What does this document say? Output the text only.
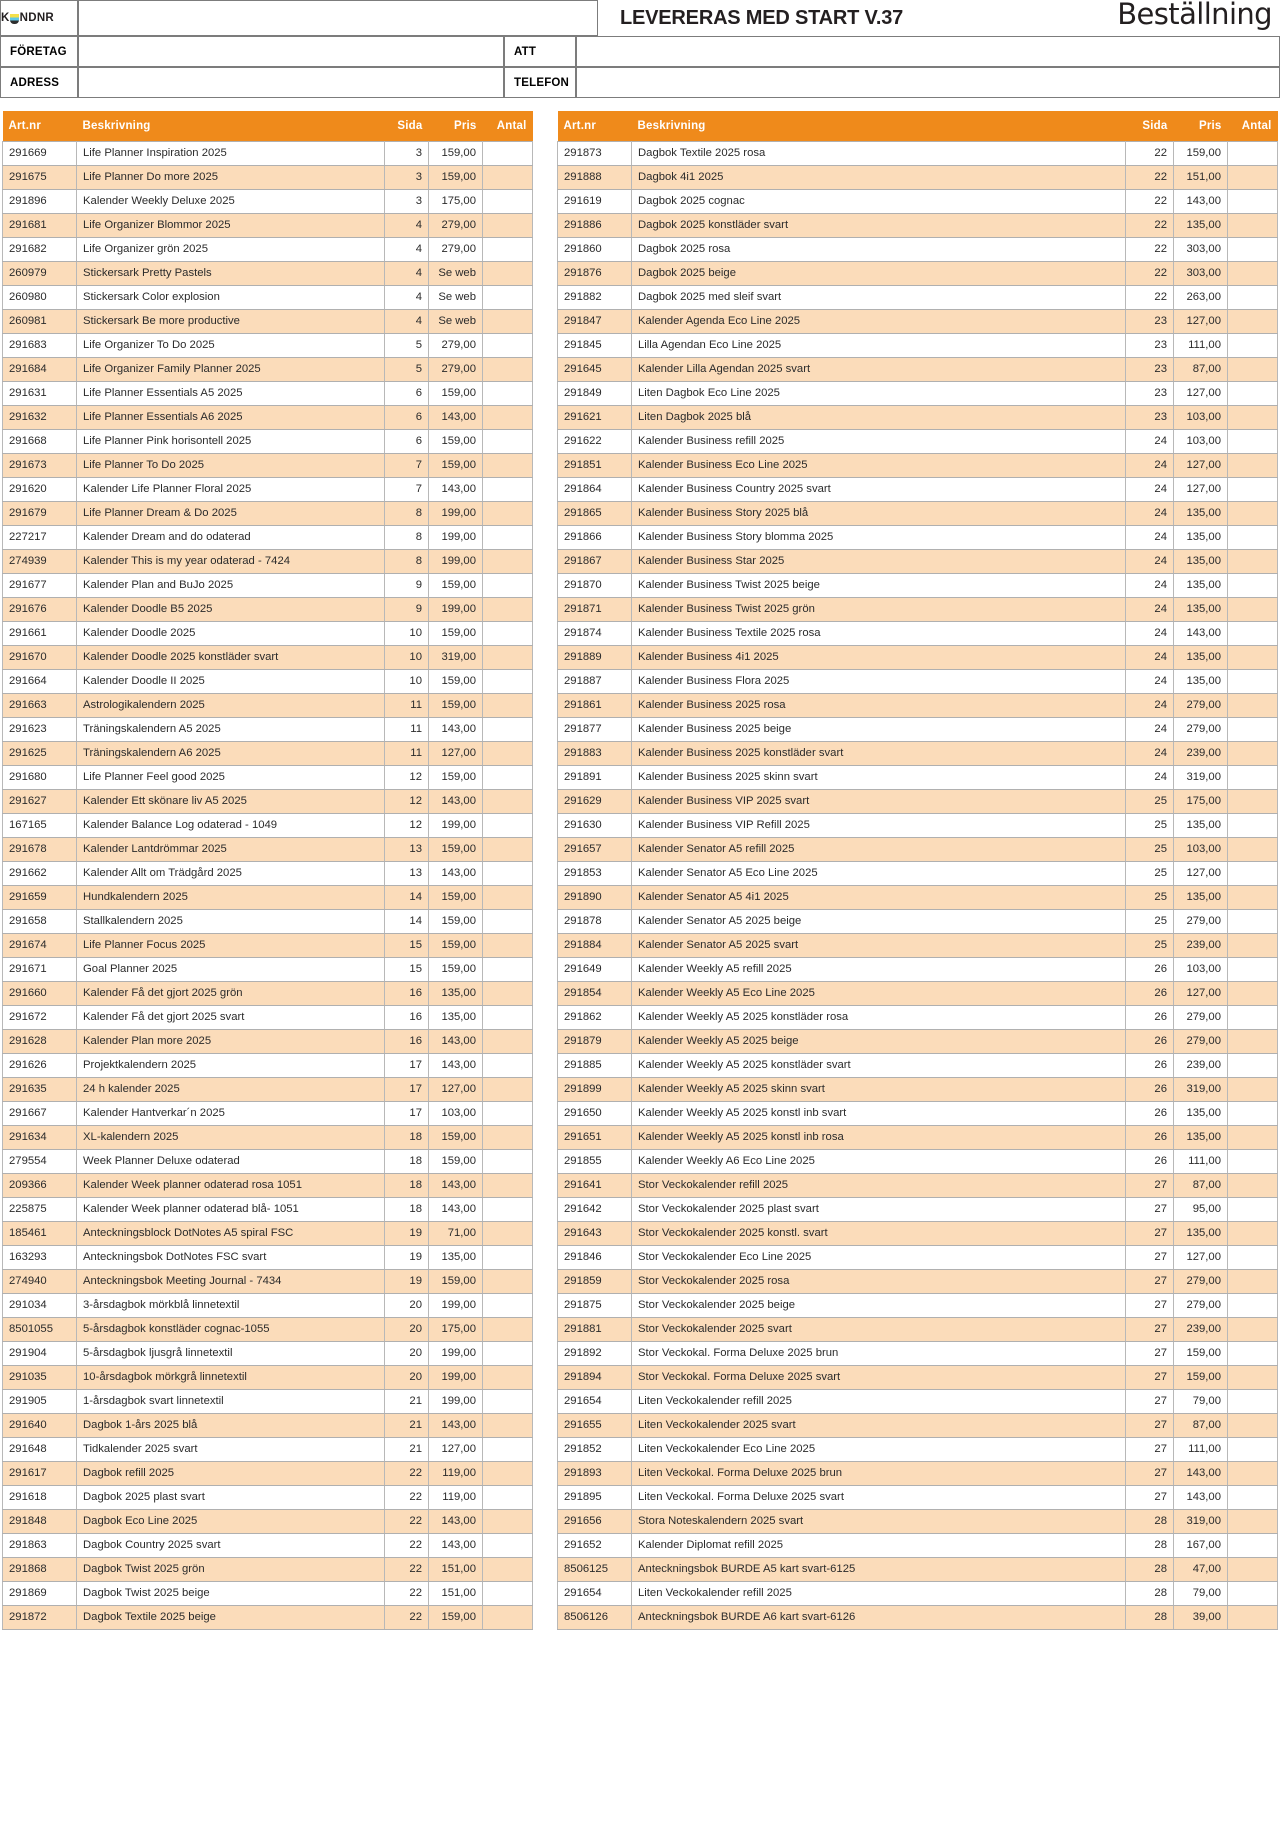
K NDNR	LEVERERAS MED START V.37	Beställning
FÖRETAG	ATT
ADRESS	TELEFON
Art.nr	Beskrivning	Sida	Pris	Antal
291669	Life Planner Inspiration 2025	3	159,00	
291675	Life Planner Do more 2025	3	159,00	
291896	Kalender Weekly Deluxe 2025	3	175,00	
291681	Life Organizer Blommor 2025	4	279,00	
291682	Life Organizer grön 2025	4	279,00	
260979	Stickersark Pretty Pastels	4	Se web	
260980	Stickersark Color explosion	4	Se web	
260981	Stickersark Be more productive	4	Se web	
291683	Life Organizer To Do 2025	5	279,00	
291684	Life Organizer Family Planner 2025	5	279,00	
291631	Life Planner Essentials A5 2025	6	159,00	
291632	Life Planner Essentials A6 2025	6	143,00	
291668	Life Planner Pink horisontell 2025	6	159,00	
291673	Life Planner To Do 2025	7	159,00	
291620	Kalender Life Planner Floral 2025	7	143,00	
291679	Life Planner Dream & Do 2025	8	199,00	
227217	Kalender Dream and do odaterad	8	199,00	
274939	Kalender This is my year odaterad - 7424	8	199,00	
291677	Kalender Plan and BuJo 2025	9	159,00	
291676	Kalender Doodle B5 2025	9	199,00	
291661	Kalender Doodle 2025	10	159,00	
291670	Kalender Doodle 2025 konstläder svart	10	319,00	
291664	Kalender Doodle II 2025	10	159,00	
291663	Astrologikalendern 2025	11	159,00	
291623	Träningskalendern A5 2025	11	143,00	
291625	Träningskalendern A6 2025	11	127,00	
291680	Life Planner Feel good 2025	12	159,00	
291627	Kalender Ett skönare liv A5 2025	12	143,00	
167165	Kalender Balance Log odaterad - 1049	12	199,00	
291678	Kalender Lantdrömmar 2025	13	159,00	
291662	Kalender Allt om Trädgård 2025	13	143,00	
291659	Hundkalendern 2025	14	159,00	
291658	Stallkalendern 2025	14	159,00	
291674	Life Planner Focus 2025	15	159,00	
291671	Goal Planner 2025	15	159,00	
291660	Kalender Få det gjort 2025 grön	16	135,00	
291672	Kalender Få det gjort 2025 svart	16	135,00	
291628	Kalender Plan more 2025	16	143,00	
291626	Projektkalendern 2025	17	143,00	
291635	24 h kalender 2025	17	127,00	
291667	Kalender Hantverkar´n 2025	17	103,00	
291634	XL-kalendern 2025	18	159,00	
279554	Week Planner Deluxe odaterad	18	159,00	
209366	Kalender Week planner odaterad rosa 1051	18	143,00	
225875	Kalender Week planner odaterad blå- 1051	18	143,00	
185461	Anteckningsblock DotNotes A5 spiral FSC	19	71,00	
163293	Anteckningsbok DotNotes FSC svart	19	135,00	
274940	Anteckningsbok Meeting Journal - 7434	19	159,00	
291034	3-årsdagbok mörkblå linnetextil	20	199,00	
8501055	5-årsdagbok konstläder cognac-1055	20	175,00	
291904	5-årsdagbok ljusgrå linnetextil	20	199,00	
291035	10-årsdagbok mörkgrå linnetextil	20	199,00	
291905	1-årsdagbok svart linnetextil	21	199,00	
291640	Dagbok 1-års 2025 blå	21	143,00	
291648	Tidkalender 2025 svart	21	127,00	
291617	Dagbok refill 2025	22	119,00	
291618	Dagbok 2025 plast svart	22	119,00	
291848	Dagbok Eco Line 2025	22	143,00	
291863	Dagbok Country 2025 svart	22	143,00	
291868	Dagbok Twist 2025 grön	22	151,00	
291869	Dagbok Twist 2025 beige	22	151,00	
291872	Dagbok Textile 2025 beige	22	159,00	
Art.nr	Beskrivning	Sida	Pris	Antal
291873	Dagbok Textile 2025 rosa	22	159,00	
291888	Dagbok 4i1 2025	22	151,00	
291619	Dagbok 2025 cognac	22	143,00	
291886	Dagbok 2025 konstläder svart	22	135,00	
291860	Dagbok 2025 rosa	22	303,00	
291876	Dagbok 2025 beige	22	303,00	
291882	Dagbok 2025 med sleif svart	22	263,00	
291847	Kalender Agenda Eco Line 2025	23	127,00	
291845	Lilla Agendan Eco Line 2025	23	111,00	
291645	Kalender Lilla Agendan 2025 svart	23	87,00	
291849	Liten Dagbok Eco Line 2025	23	127,00	
291621	Liten Dagbok 2025 blå	23	103,00	
291622	Kalender Business refill 2025	24	103,00	
291851	Kalender Business Eco Line 2025	24	127,00	
291864	Kalender Business Country 2025 svart	24	127,00	
291865	Kalender Business Story 2025 blå	24	135,00	
291866	Kalender Business Story blomma 2025	24	135,00	
291867	Kalender Business Star 2025	24	135,00	
291870	Kalender Business Twist 2025 beige	24	135,00	
291871	Kalender Business Twist 2025 grön	24	135,00	
291874	Kalender Business Textile 2025 rosa	24	143,00	
291889	Kalender Business 4i1 2025	24	135,00	
291887	Kalender Business Flora 2025	24	135,00	
291861	Kalender Business 2025 rosa	24	279,00	
291877	Kalender Business 2025 beige	24	279,00	
291883	Kalender Business 2025 konstläder svart	24	239,00	
291891	Kalender Business 2025 skinn svart	24	319,00	
291629	Kalender Business VIP 2025 svart	25	175,00	
291630	Kalender Business VIP Refill 2025	25	135,00	
291657	Kalender Senator A5 refill 2025	25	103,00	
291853	Kalender Senator A5 Eco Line 2025	25	127,00	
291890	Kalender Senator A5 4i1 2025	25	135,00	
291878	Kalender Senator A5 2025 beige	25	279,00	
291884	Kalender Senator A5 2025 svart	25	239,00	
291649	Kalender Weekly A5 refill 2025	26	103,00	
291854	Kalender Weekly A5 Eco Line 2025	26	127,00	
291862	Kalender Weekly A5 2025 konstläder rosa	26	279,00	
291879	Kalender Weekly A5 2025 beige	26	279,00	
291885	Kalender Weekly A5 2025 konstläder svart	26	239,00	
291899	Kalender Weekly A5 2025 skinn svart	26	319,00	
291650	Kalender Weekly A5 2025 konstl inb svart	26	135,00	
291651	Kalender Weekly A5 2025 konstl inb rosa	26	135,00	
291855	Kalender Weekly A6 Eco Line 2025	26	111,00	
291641	Stor Veckokalender refill 2025	27	87,00	
291642	Stor Veckokalender 2025 plast svart	27	95,00	
291643	Stor Veckokalender 2025 konstl. svart	27	135,00	
291846	Stor Veckokalender Eco Line 2025	27	127,00	
291859	Stor Veckokalender 2025 rosa	27	279,00	
291875	Stor Veckokalender 2025 beige	27	279,00	
291881	Stor Veckokalender 2025 svart	27	239,00	
291892	Stor Veckokal. Forma Deluxe 2025 brun	27	159,00	
291894	Stor Veckokal. Forma Deluxe 2025 svart	27	159,00	
291654	Liten Veckokalender refill 2025	27	79,00	
291655	Liten Veckokalender 2025 svart	27	87,00	
291852	Liten Veckokalender Eco Line 2025	27	111,00	
291893	Liten Veckokal. Forma Deluxe 2025 brun	27	143,00	
291895	Liten Veckokal. Forma Deluxe 2025 svart	27	143,00	
291656	Stora Noteskalendern 2025 svart	28	319,00	
291652	Kalender Diplomat refill 2025	28	167,00	
8506125	Anteckningsbok BURDE A5 kart svart-6125	28	47,00	
291654	Liten Veckokalender refill 2025	28	79,00	
8506126	Anteckningsbok BURDE A6 kart svart-6126	28	39,00	
